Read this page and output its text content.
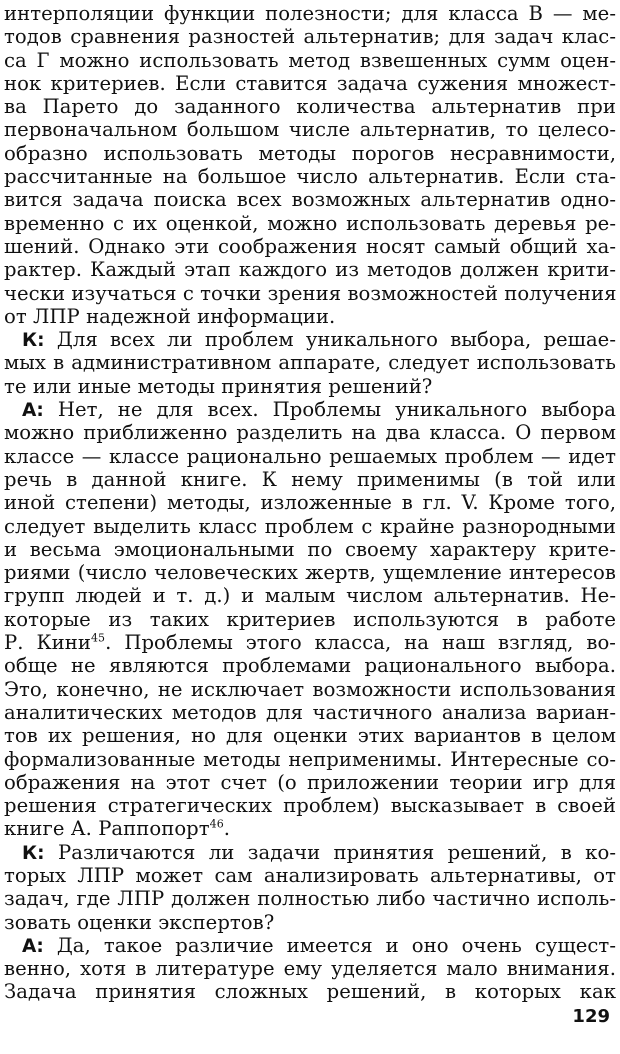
интерполяции функции полезности; для класса В — ме-
тодов сравнения разностей альтернатив; для задач клас-
са Г можно использовать метод взвешенных сумм оцен-
нок критериев. Если ставится задача сужения множест-
ва Парето до заданного количества альтернатив при
первоначальном большом числе альтернатив, то целесо-
образно использовать методы порогов несравнимости,
рассчитанные на большое число альтернатив. Если ста-
вится задача поиска всех возможных альтернатив одно-
временно с их оценкой, можно использовать деревья ре-
шений. Однако эти соображения носят самый общий ха-
рактер. Каждый этап каждого из методов должен крити-
чески изучаться с точки зрения возможностей получения
от ЛПР надежной информации.
К: Для всех ли проблем уникального выбора, решае-
мых в административном аппарате, следует использовать
те или иные методы принятия решений?
А: Нет, не для всех. Проблемы уникального выбора
можно приближенно разделить на два класса. О первом
классе — классе рационально решаемых проблем — идет
речь в данной книге. К нему применимы (в той или
иной степени) методы, изложенные в гл. V. Кроме того,
следует выделить класс проблем с крайне разнородными
и весьма эмоциональными по своему характеру крите-
риями (число человеческих жертв, ущемление интересов
групп людей и т. д.) и малым числом альтернатив. Не-
которые из таких критериев используются в работе
Р. Кини$^{45}$. Проблемы этого класса, на наш взгляд, во-
обще не являются проблемами рационального выбора.
Это, конечно, не исключает возможности использования
аналитических методов для частичного анализа вариан-
тов их решения, но для оценки этих вариантов в целом
формализованные методы неприменимы. Интересные со-
ображения на этот счет (о приложении теории игр для
решения стратегических проблем) высказывает в своей
книге А. Раппопорт$^{46}$.
К: Различаются ли задачи принятия решений, в ко-
торых ЛПР может сам анализировать альтернативы, от
задач, где ЛПР должен полностью либо частично исполь-
зовать оценки экспертов?
А: Да, такое различие имеется и оно очень сущест-
венно, хотя в литературе ему уделяется мало внимания.
Задача принятия сложных решений, в которых как
129
